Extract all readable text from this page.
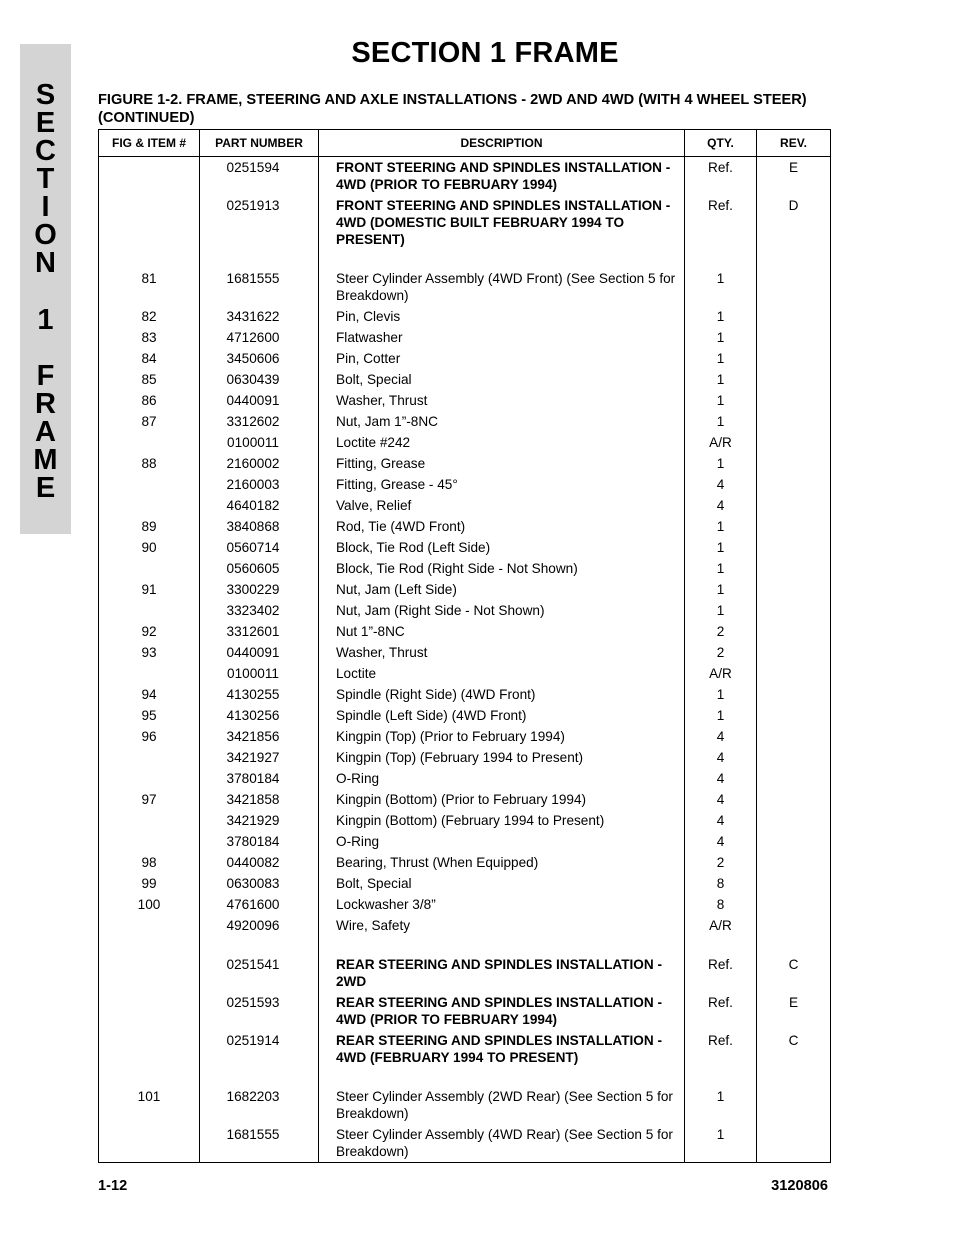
S
E
C
T
I
O
N
1
F
R
A
M
E
SECTION 1 FRAME
FIGURE 1-2. FRAME, STEERING AND AXLE INSTALLATIONS - 2WD AND 4WD (WITH 4 WHEEL STEER) (CONTINUED)
FIG & ITEM #	PART NUMBER	DESCRIPTION	QTY.	REV.
	0251594	FRONT STEERING AND SPINDLES INSTALLATION - 4WD (PRIOR TO FEBRUARY 1994)	Ref.	E
	0251913	FRONT STEERING AND SPINDLES INSTALLATION - 4WD (DOMESTIC BUILT FEBRUARY 1994 TO PRESENT)	Ref.	D

81	1681555	Steer Cylinder Assembly (4WD Front) (See Section 5 for Breakdown)	1	
82	3431622	Pin, Clevis	1	
83	4712600	Flatwasher	1	
84	3450606	Pin, Cotter	1	
85	0630439	Bolt, Special	1	
86	0440091	Washer, Thrust	1	
87	3312602	Nut, Jam 1”-8NC	1	
	0100011	Loctite #242	A/R	
88	2160002	Fitting, Grease	1	
	2160003	Fitting, Grease - 45°	4	
	4640182	Valve, Relief	4	
89	3840868	Rod, Tie (4WD Front)	1	
90	0560714	Block, Tie Rod (Left Side)	1	
	0560605	Block, Tie Rod (Right Side - Not Shown)	1	
91	3300229	Nut, Jam (Left Side)	1	
	3323402	Nut, Jam (Right Side - Not Shown)	1	
92	3312601	Nut 1”-8NC	2	
93	0440091	Washer, Thrust	2	
	0100011	Loctite	A/R	
94	4130255	Spindle (Right Side) (4WD Front)	1	
95	4130256	Spindle (Left Side) (4WD Front)	1	
96	3421856	Kingpin (Top) (Prior to February 1994)	4	
	3421927	Kingpin (Top) (February 1994 to Present)	4	
	3780184	O-Ring	4	
97	3421858	Kingpin (Bottom) (Prior to February 1994)	4	
	3421929	Kingpin (Bottom) (February 1994 to Present)	4	
	3780184	O-Ring	4	
98	0440082	Bearing, Thrust (When Equipped)	2	
99	0630083	Bolt, Special	8	
100	4761600	Lockwasher 3/8”	8	
	4920096	Wire, Safety	A/R	

	0251541	REAR STEERING AND SPINDLES INSTALLATION - 2WD	Ref.	C
	0251593	REAR STEERING AND SPINDLES INSTALLATION - 4WD (PRIOR TO FEBRUARY 1994)	Ref.	E
	0251914	REAR STEERING AND SPINDLES INSTALLATION - 4WD (FEBRUARY 1994 TO PRESENT)	Ref.	C

101	1682203	Steer Cylinder Assembly (2WD Rear) (See Section 5 for Breakdown)	1	
	1681555	Steer Cylinder Assembly (4WD Rear) (See Section 5 for Breakdown)	1	

1-12	3120806
